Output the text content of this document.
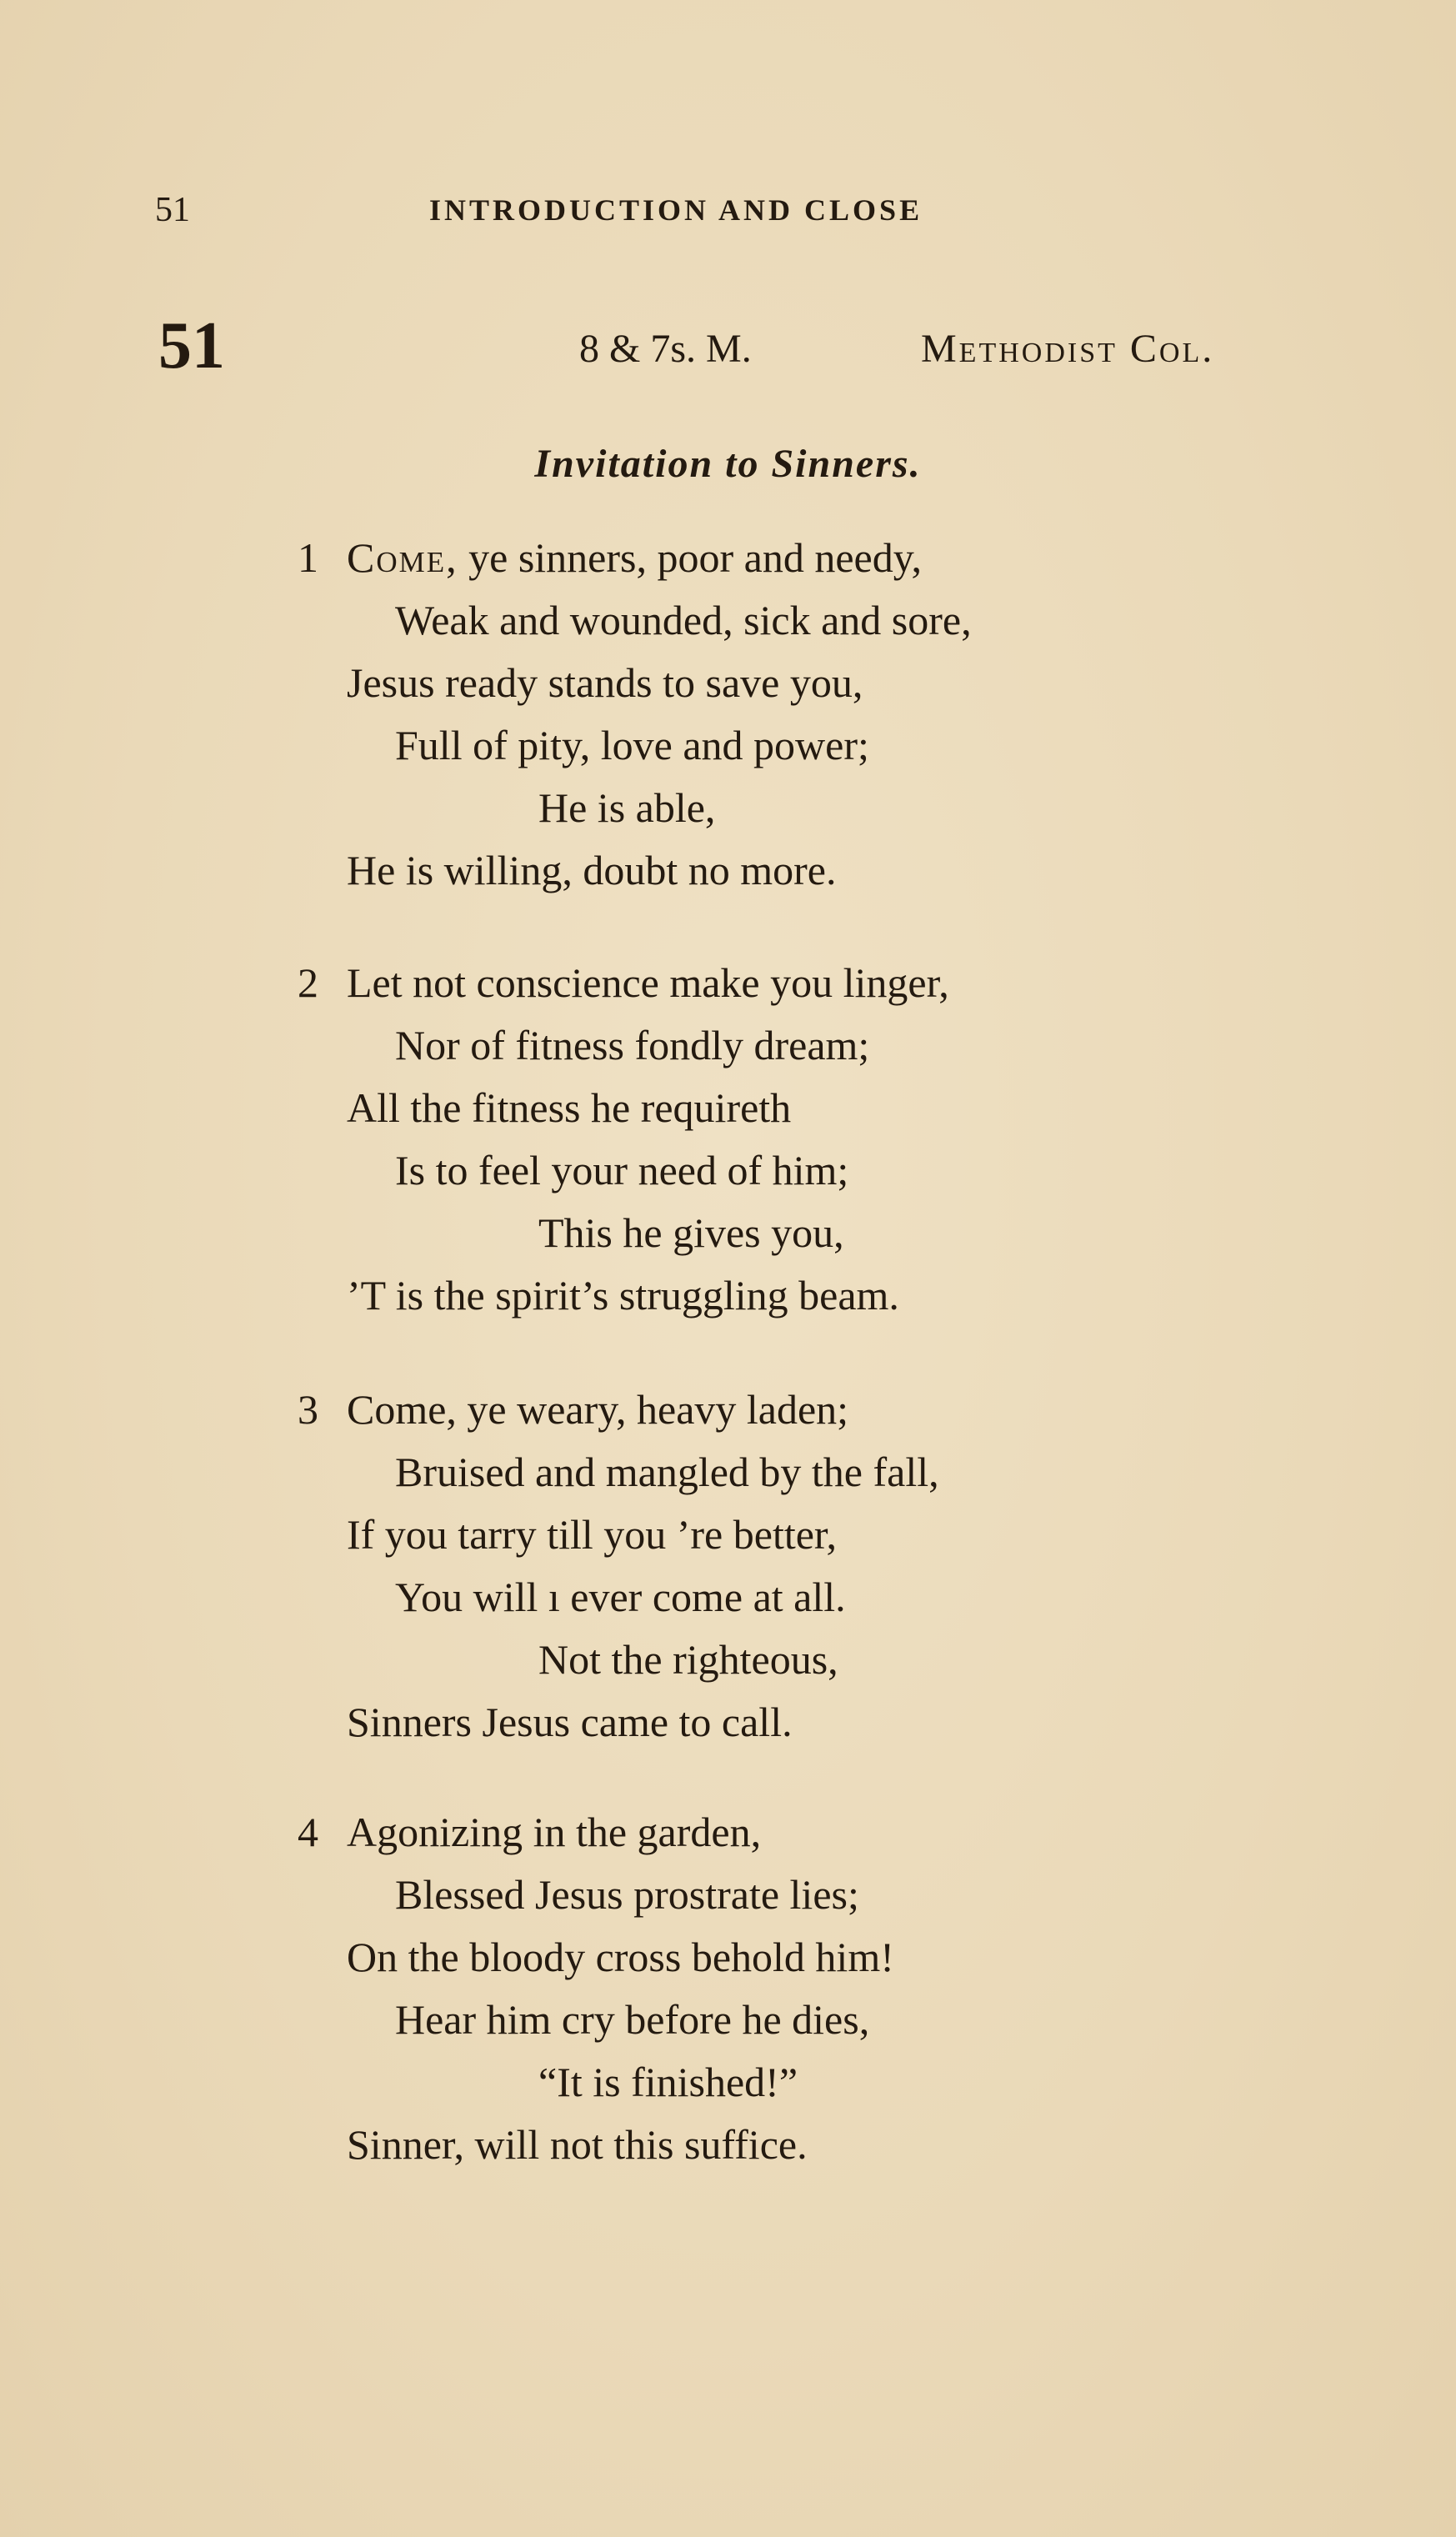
51	INTRODUCTION AND CLOSE
51	8 & 7s. M.	Methodist Col.
Invitation to Sinners.
1 Come, ye sinners, poor and needy,
Weak and wounded, sick and sore,
Jesus ready stands to save you,
Full of pity, love and power;
He is able,
He is willing, doubt no more.
2 Let not conscience make you linger,
Nor of fitness fondly dream;
All the fitness he requireth
Is to feel your need of him;
This he gives you,
’T is the spirit’s struggling beam.
3 Come, ye weary, heavy laden;
Bruised and mangled by the fall,
If you tarry till you ’re better,
You will ı ever come at all.
Not the righteous,
Sinners Jesus came to call.
4 Agonizing in the garden,
Blessed Jesus prostrate lies;
On the bloody cross behold him!
Hear him cry before he dies,
“It is finished!”
Sinner, will not this suffice.
